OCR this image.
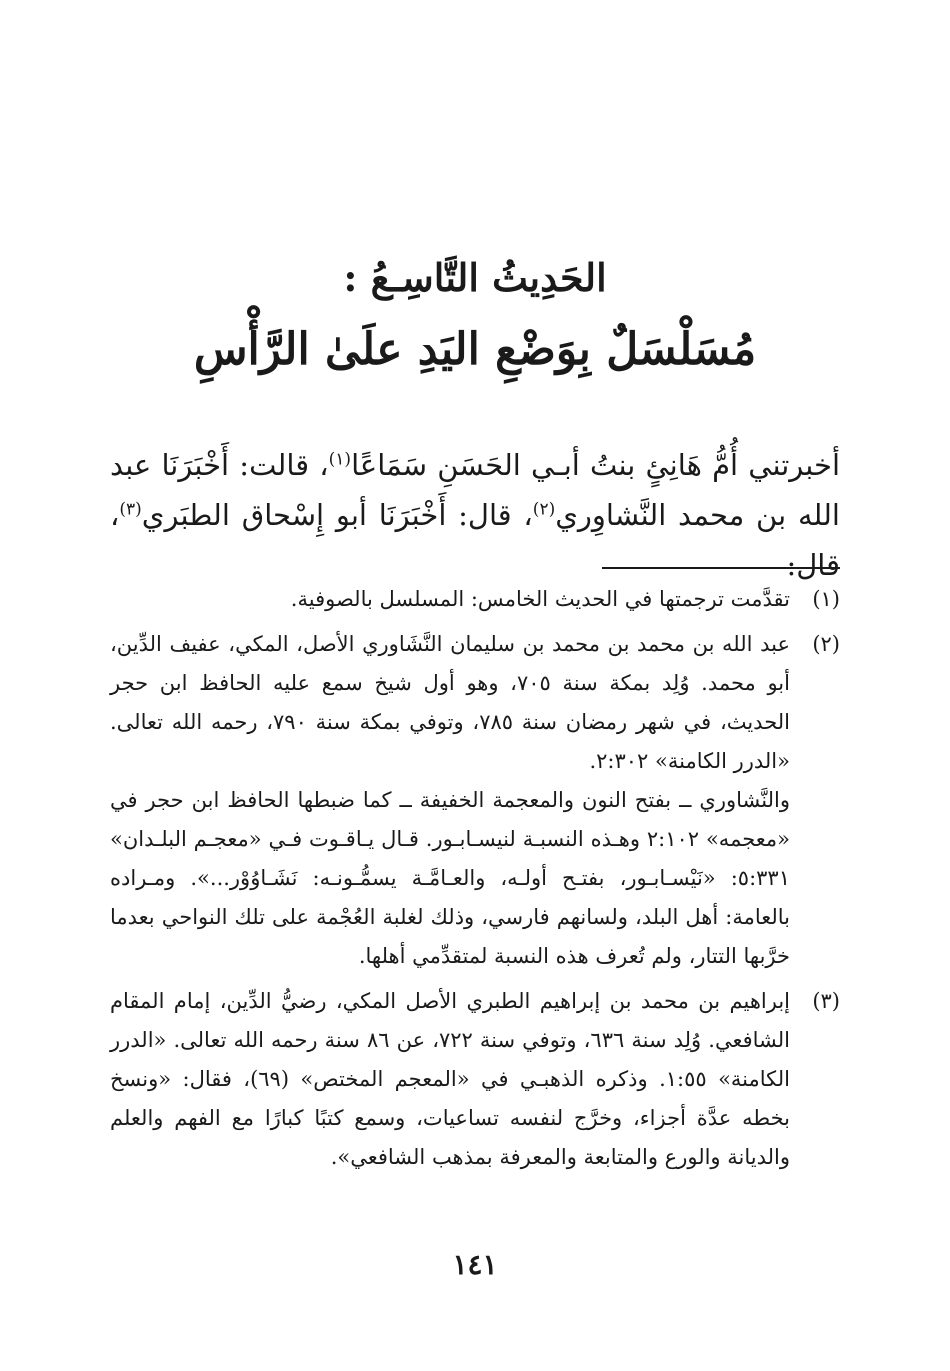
الحَدِيثُ التَّاسِـعُ :

مُسَلْسَلٌ بِوَضْعِ اليَدِ علَىٰ الرَّأْسِ

أخبرتني أُمُّ هَانِئٍ بنتُ أبـي الحَسَنِ سَمَاعًا$^{(١)}$، قالت: أَخْبَرَنَا عبد الله بن محمد النَّشاوِري$^{(٢)}$، قال: أَخْبَرَنَا أبو إِسْحاق الطبَري$^{(٣)}$، قال:

(١)

تقدَّمت ترجمتها في الحديث الخامس: المسلسل بالصوفية.

(٢)

عبد الله بن محمد بن محمد بن سليمان النَّشَاوري الأصل، المكي، عفيف الدِّين، أبو محمد. وُلِد بمكة سنة ٧٠٥، وهو أول شيخ سمع عليه الحافظ ابن حجر الحديث، في شهر رمضان سنة ٧٨٥، وتوفي بمكة سنة ٧٩٠، رحمه الله تعالى. «الدرر الكامنة» ٢:٣٠٢.

والنَّشاوري ــ بفتح النون والمعجمة الخفيفة ــ كما ضبطها الحافظ ابن حجر في «معجمه» ٢:١٠٢ وهـذه النسبـة لنيسـابـور. قـال يـاقـوت فـي «معجـم البلـدان» ٥:٣٣١: «نَيْسـابـور، بفتـح أولـه، والعـامَّـة يسمُّـونـه: نَشَـاوُوْر...». ومـراده بالعامة: أهل البلد، ولسانهم فارسي، وذلك لغلبة العُجْمة على تلك النواحي بعدما خرَّبها التتار، ولم تُعرف هذه النسبة لمتقدِّمي أهلها.

(٣)

إبراهيم بن محمد بن إبراهيم الطبري الأصل المكي، رضيُّ الدِّين، إمام المقام الشافعي. وُلِد سنة ٦٣٦، وتوفي سنة ٧٢٢، عن ٨٦ سنة رحمه الله تعالى. «الدرر الكامنة» ١:٥٥. وذكره الذهبـي في «المعجم المختص» (٦٩)، فقال: «ونسخ بخطه عدَّة أجزاء، وخرَّج لنفسه تساعيات، وسمع كتبًا كبارًا مع الفهم والعلم والديانة والورع والمتابعة والمعرفة بمذهب الشافعي».

١٤١
